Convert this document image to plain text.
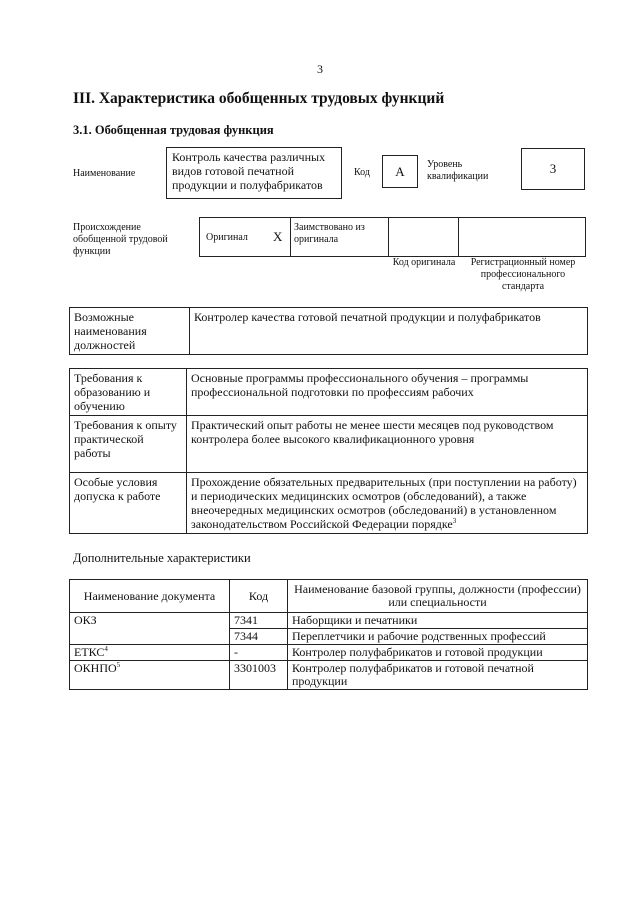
3
III. Характеристика обобщенных трудовых функций
3.1. Обобщенная трудовая функция
Наименование
Контроль качества различных видов готовой печатной продукции и полуфабрикатов
Код	А	Уровень квалификации
3
Происхождение обобщенной трудовой функции
Оригинал Х
Заимствовано из оригинала
Код оригинала	Регистрационный номер профессионального стандарта
Возможные наименования должностей	Контролер качества готовой печатной продукции и полуфабрикатов
Требования к образованию и обучению	Основные программы профессионального обучения – программы профессиональной подготовки по профессиям рабочих
Требования к опыту практической работы	Практический опыт работы не менее шести месяцев под руководством контролера более высокого квалификационного уровня
Особые условия допуска к работе	Прохождение обязательных предварительных (при поступлении на работу) и периодических медицинских осмотров (обследований), а также внеочередных медицинских осмотров (обследований) в установленном законодательством Российской Федерации порядке$^3$
Дополнительные характеристики
Наименование документа	Код	Наименование базовой группы, должности (профессии) или специальности
ОКЗ	7341	Наборщики и печатники
	7344	Переплетчики и рабочие родственных профессий
ЕТКС$^4$	-	Контролер полуфабрикатов и готовой продукции
ОКНПО$^5$	3301003	Контролер полуфабрикатов и готовой печатной продукции
